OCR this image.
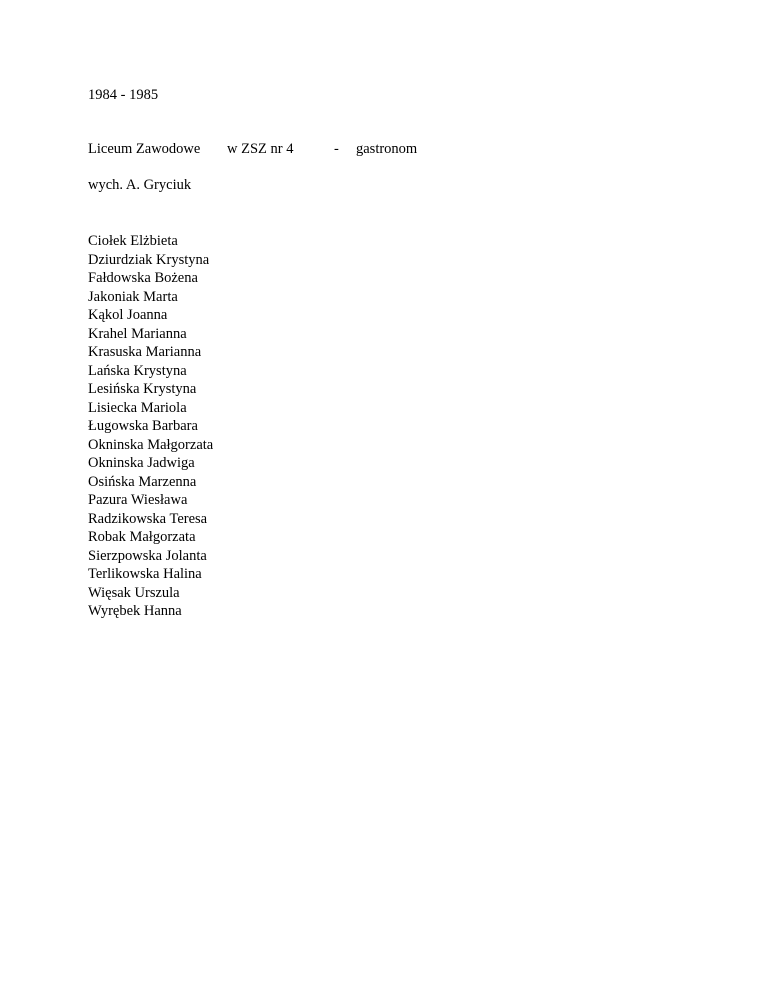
1984 - 1985
Liceum Zawodowe w ZSZ nr 4	- gastronom
wych. A. Gryciuk
Ciołek Elżbieta
Dziurdziak Krystyna
Fałdowska Bożena
Jakoniak Marta
Kąkol Joanna
Krahel Marianna
Krasuska Marianna
Lańska Krystyna
Lesińska Krystyna
Lisiecka Mariola
Ługowska Barbara
Okninska Małgorzata
Okninska Jadwiga
Osińska Marzenna
Pazura Wiesława
Radzikowska Teresa
Robak Małgorzata
Sierzpowska Jolanta
Terlikowska Halina
Więsak Urszula
Wyrębek Hanna
